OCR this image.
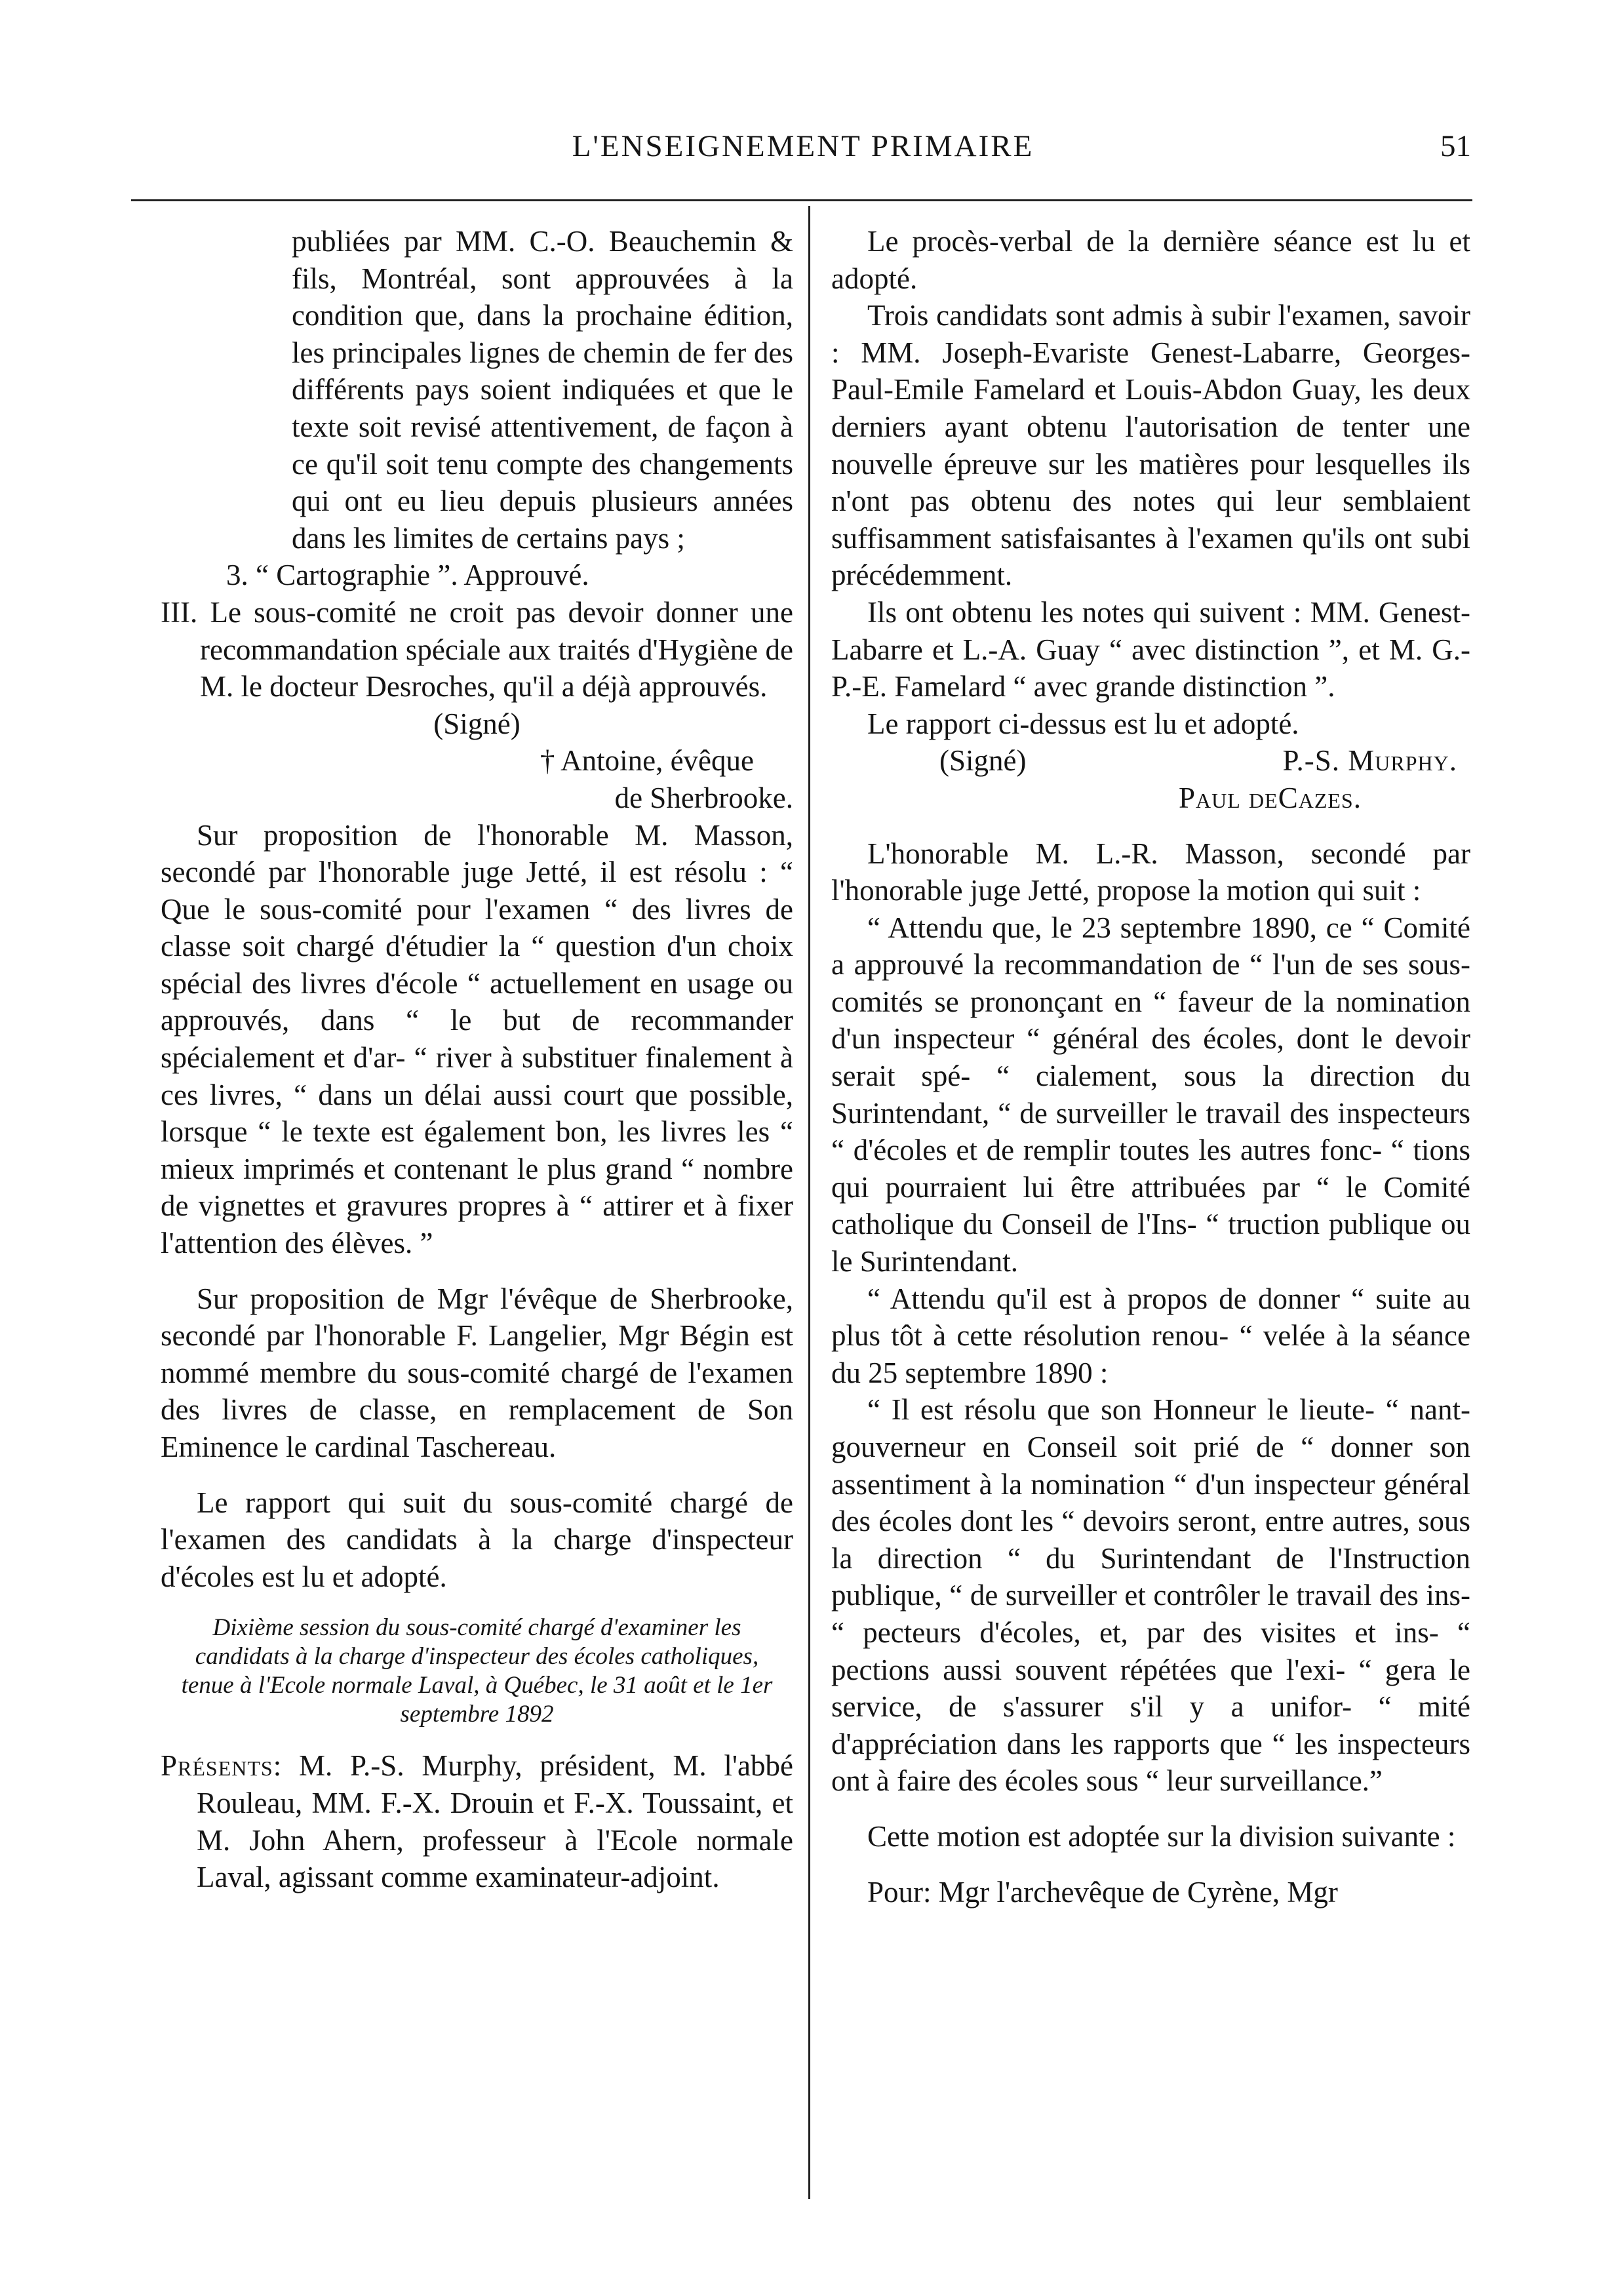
L'ENSEIGNEMENT PRIMAIRE	51

publiées par MM. C.-O. Beauchemin & fils, Montréal, sont approuvées à la condition que, dans la prochaine édition, les principales lignes de chemin de fer des différents pays soient indiquées et que le texte soit revisé attentivement, de façon à ce qu'il soit tenu compte des changements qui ont eu lieu depuis plusieurs années dans les limites de certains pays ;

3. “ Cartographie ”. Approuvé.

III. Le sous-comité ne croit pas devoir donner une recommandation spéciale aux traités d'Hygiène de M. le docteur Desroches, qu'il a déjà approuvés.

(Signé)

† Antoine, évêque

de Sherbrooke.

Sur proposition de l'honorable M. Masson, secondé par l'honorable juge Jetté, il est résolu : “ Que le sous-comité pour l'examen “ des livres de classe soit chargé d'étudier la “ question d'un choix spécial des livres d'école “ actuellement en usage ou approuvés, dans “ le but de recommander spécialement et d'ar- “ river à substituer finalement à ces livres, “ dans un délai aussi court que possible, lorsque “ le texte est également bon, les livres les “ mieux imprimés et contenant le plus grand “ nombre de vignettes et gravures propres à “ attirer et à fixer l'attention des élèves. ”

Sur proposition de Mgr l'évêque de Sherbrooke, secondé par l'honorable F. Langelier, Mgr Bégin est nommé membre du sous-comité chargé de l'examen des livres de classe, en remplacement de Son Eminence le cardinal Taschereau.

Le rapport qui suit du sous-comité chargé de l'examen des candidats à la charge d'inspecteur d'écoles est lu et adopté.

Dixième session du sous-comité chargé d'examiner les candidats à la charge d'inspecteur des écoles catholiques, tenue à l'Ecole normale Laval, à Québec, le 31 août et le 1er septembre 1892

Présents: M. P.-S. Murphy, président, M. l'abbé Rouleau, MM. F.-X. Drouin et F.-X. Toussaint, et M. John Ahern, professeur à l'Ecole normale Laval, agissant comme examinateur-adjoint.

Le procès-verbal de la dernière séance est lu et adopté.

Trois candidats sont admis à subir l'examen, savoir : MM. Joseph-Evariste Genest-Labarre, Georges-Paul-Emile Famelard et Louis-Abdon Guay, les deux derniers ayant obtenu l'autorisation de tenter une nouvelle épreuve sur les matières pour lesquelles ils n'ont pas obtenu des notes qui leur semblaient suffisamment satisfaisantes à l'examen qu'ils ont subi précédemment.

Ils ont obtenu les notes qui suivent : MM. Genest-Labarre et L.-A. Guay “ avec distinction ”, et M. G.-P.-E. Famelard “ avec grande distinction ”.

Le rapport ci-dessus est lu et adopté.

(Signé)	P.-S. Murphy.

Paul deCazes.

L'honorable M. L.-R. Masson, secondé par l'honorable juge Jetté, propose la motion qui suit :

“ Attendu que, le 23 septembre 1890, ce “ Comité a approuvé la recommandation de “ l'un de ses sous-comités se prononçant en “ faveur de la nomination d'un inspecteur “ général des écoles, dont le devoir serait spé- “ cialement, sous la direction du Surintendant, “ de surveiller le travail des inspecteurs “ d'écoles et de remplir toutes les autres fonc- “ tions qui pourraient lui être attribuées par “ le Comité catholique du Conseil de l'Ins- “ truction publique ou le Surintendant.

“ Attendu qu'il est à propos de donner “ suite au plus tôt à cette résolution renou- “ velée à la séance du 25 septembre 1890 :

“ Il est résolu que son Honneur le lieute- “ nant-gouverneur en Conseil soit prié de “ donner son assentiment à la nomination “ d'un inspecteur général des écoles dont les “ devoirs seront, entre autres, sous la direction “ du Surintendant de l'Instruction publique, “ de surveiller et contrôler le travail des ins- “ pecteurs d'écoles, et, par des visites et ins- “ pections aussi souvent répétées que l'exi- “ gera le service, de s'assurer s'il y a unifor- “ mité d'appréciation dans les rapports que “ les inspecteurs ont à faire des écoles sous “ leur surveillance.”

Cette motion est adoptée sur la division suivante :

Pour: Mgr l'archevêque de Cyrène, Mgr
